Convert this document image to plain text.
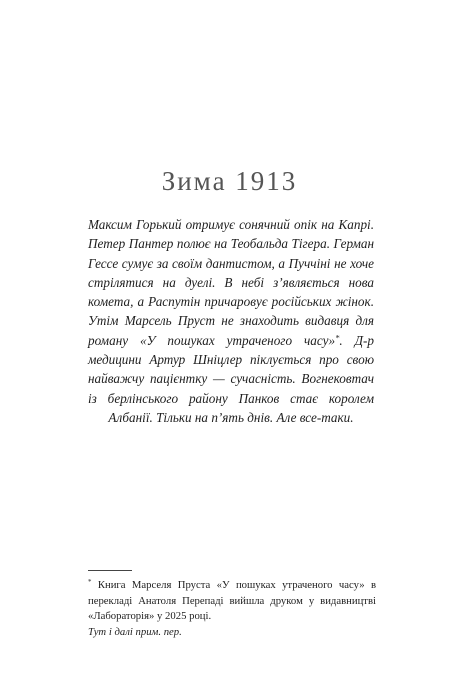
Зима 1913

Максим Горький отримує сонячний опік на Капрі. Петер Пантер полює на Теобальда Тігера. Герман Гессе сумує за своїм дантистом, а Пуччіні не хоче стрілятися на дуелі. В небі з’являється нова комета, а Распутін причаровує російських жінок. Утім Марсель Пруст не знаходить видавця для роману «У пошуках утраченого часу»*. Д-р медицини Артур Шніцлер піклується про свою найважчу пацієнтку — сучасність. Вогнековтач із берлінського району Панков стає королем Албанії. Тільки на п’ять днів. Але все-таки.

* Книга Марселя Пруста «У пошуках утраченого часу» в перекладі Анатоля Перепаді вийшла друком у видавництві «Лабораторія» у 2025 році.
Тут і далі прим. пер.
